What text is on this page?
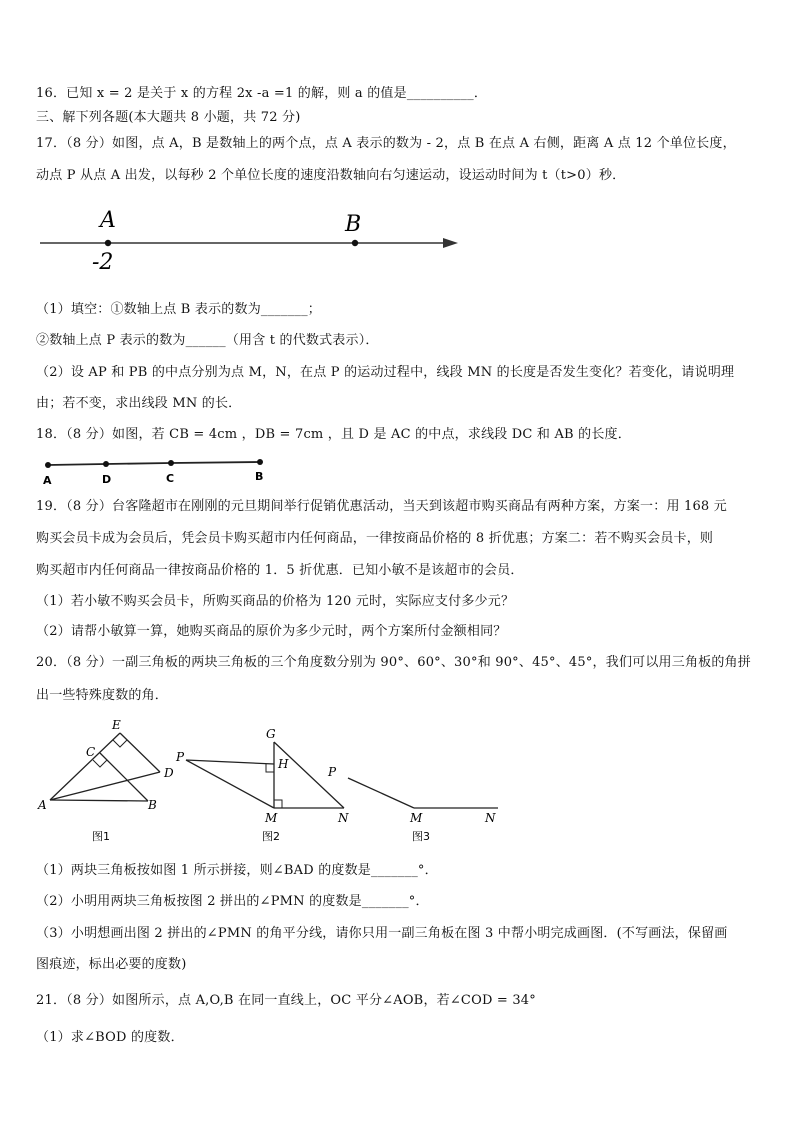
16．已知 x = 2 是关于 x 的方程 2x -a =1 的解，则 a 的值是__________．
三、解下列各题(本大题共 8 小题，共 72 分)
17．（8 分）如图，点 A，B 是数轴上的两个点，点 A 表示的数为 - 2，点 B 在点 A 右侧，距离 A 点 12 个单位长度，
动点 P 从点 A 出发，以每秒 2 个单位长度的速度沿数轴向右匀速运动，设运动时间为 t（t>0）秒．
A	B
-2
（1）填空：①数轴上点 B 表示的数为_______；
②数轴上点 P 表示的数为______（用含 t 的代数式表示）．
（2）设 AP 和 PB 的中点分别为点 M，N，在点 P 的运动过程中，线段 MN 的长度是否发生变化？若变化，请说明理
由；若不变，求出线段 MN 的长．
18．（8 分）如图，若 CB = 4cm ，DB = 7cm ，且 D 是 AC 的中点，求线段 DC 和 AB 的长度．
A	D	C	B
19．（8 分）台客隆超市在刚刚的元旦期间举行促销优惠活动，当天到该超市购买商品有两种方案，方案一：用 168 元
购买会员卡成为会员后，凭会员卡购买超市内任何商品，一律按商品价格的 8 折优惠；方案二：若不购买会员卡，则
购买超市内任何商品一律按商品价格的 1．5 折优惠．已知小敏不是该超市的会员．
（1）若小敏不购买会员卡，所购买商品的价格为 120 元时，实际应支付多少元？
（2）请帮小敏算一算，她购买商品的原价为多少元时，两个方案所付金额相同？
20．（8 分）一副三角板的两块三角板的三个角度数分别为 90°、60°、30°和 90°、45°、45°，我们可以用三角板的角拼
出一些特殊度数的角．
E
C
D
A	B
图1
G
P	H
M	N
图2
P
M	N
图3
（1）两块三角板按如图 1 所示拼接，则∠BAD 的度数是_______°．
（2）小明用两块三角板按图 2 拼出的∠PMN 的度数是_______°．
（3）小明想画出图 2 拼出的∠PMN 的角平分线，请你只用一副三角板在图 3 中帮小明完成画图．(不写画法，保留画
图痕迹，标出必要的度数)
21．（8 分）如图所示，点 A,O,B 在同一直线上，OC 平分∠AOB，若∠COD = 34°
（1）求∠BOD 的度数．
